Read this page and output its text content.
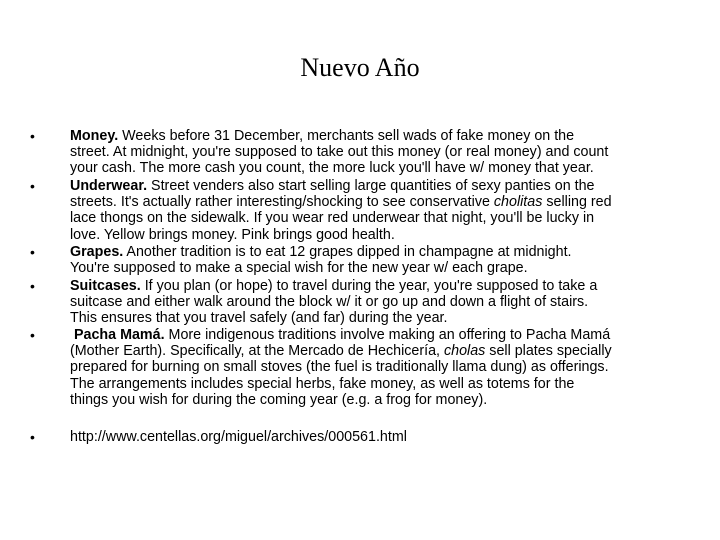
Nuevo Año
• Money. Weeks before 31 December, merchants sell wads of fake money on the
street. At midnight, you're supposed to take out this money (or real money) and count
your cash. The more cash you count, the more luck you'll have w/ money that year.
• Underwear. Street venders also start selling large quantities of sexy panties on the
streets. It's actually rather interesting/shocking to see conservative cholitas selling red
lace thongs on the sidewalk. If you wear red underwear that night, you'll be lucky in
love. Yellow brings money. Pink brings good health.
• Grapes. Another tradition is to eat 12 grapes dipped in champagne at midnight.
You're supposed to make a special wish for the new year w/ each grape.
• Suitcases. If you plan (or hope) to travel during the year, you're supposed to take a
suitcase and either walk around the block w/ it or go up and down a flight of stairs.
This ensures that you travel safely (and far) during the year.
• Pacha Mamá. More indigenous traditions involve making an offering to Pacha Mamá
(Mother Earth). Specifically, at the Mercado de Hechicería, cholas sell plates specially
prepared for burning on small stoves (the fuel is traditionally llama dung) as offerings.
The arrangements includes special herbs, fake money, as well as totems for the
things you wish for during the coming year (e.g. a frog for money).
• http://www.centellas.org/miguel/archives/000561.html
